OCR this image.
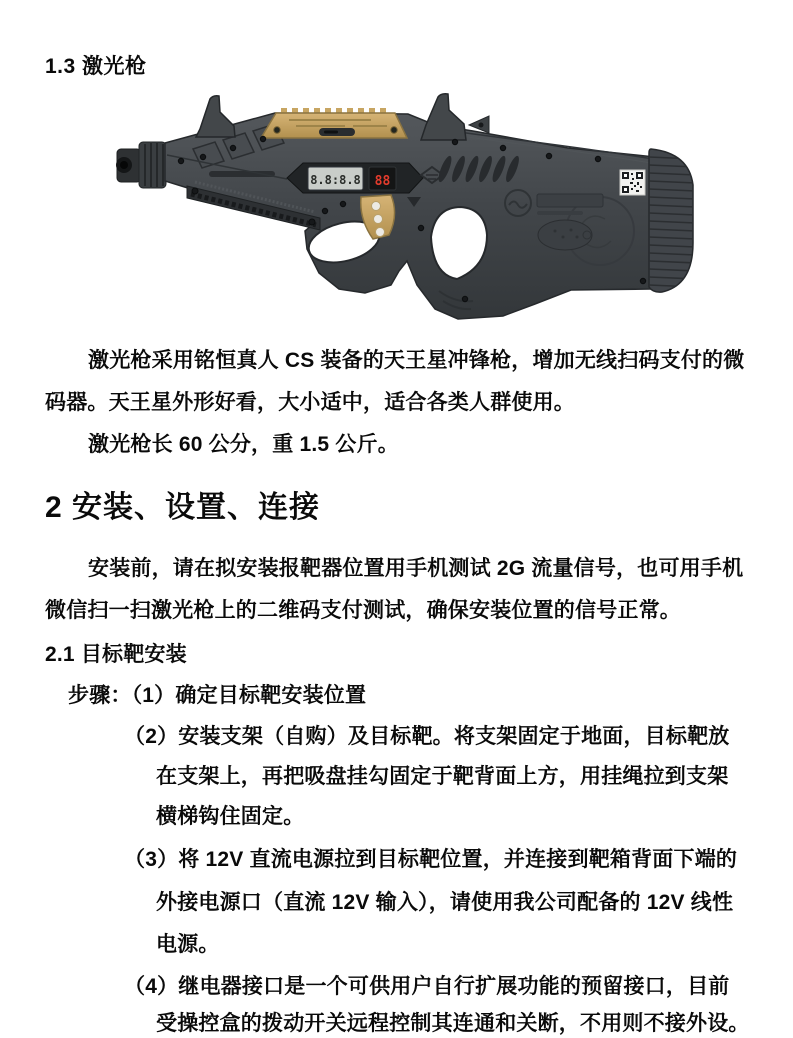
1.3 激光枪
8.8:8.8 88
激光枪采用铭恒真人 CS 装备的天王星冲锋枪，增加无线扫码支付的微
码器。天王星外形好看，大小适中，适合各类人群使用。
激光枪长 60 公分，重 1.5 公斤。
2 安装、设置、连接
安装前，请在拟安装报靶器位置用手机测试 2G 流量信号，也可用手机
微信扫一扫激光枪上的二维码支付测试，确保安装位置的信号正常。
2.1 目标靶安装
步骤：（1）确定目标靶安装位置
（2）安装支架（自购）及目标靶。将支架固定于地面，目标靶放
在支架上，再把吸盘挂勾固定于靶背面上方，用挂绳拉到支架
横梯钩住固定。
（3）将 12V 直流电源拉到目标靶位置，并连接到靶箱背面下端的
外接电源口（直流 12V 输入），请使用我公司配备的 12V 线性
电源。
（4）继电器接口是一个可供用户自行扩展功能的预留接口，目前
受操控盒的拨动开关远程控制其连通和关断，不用则不接外设。
